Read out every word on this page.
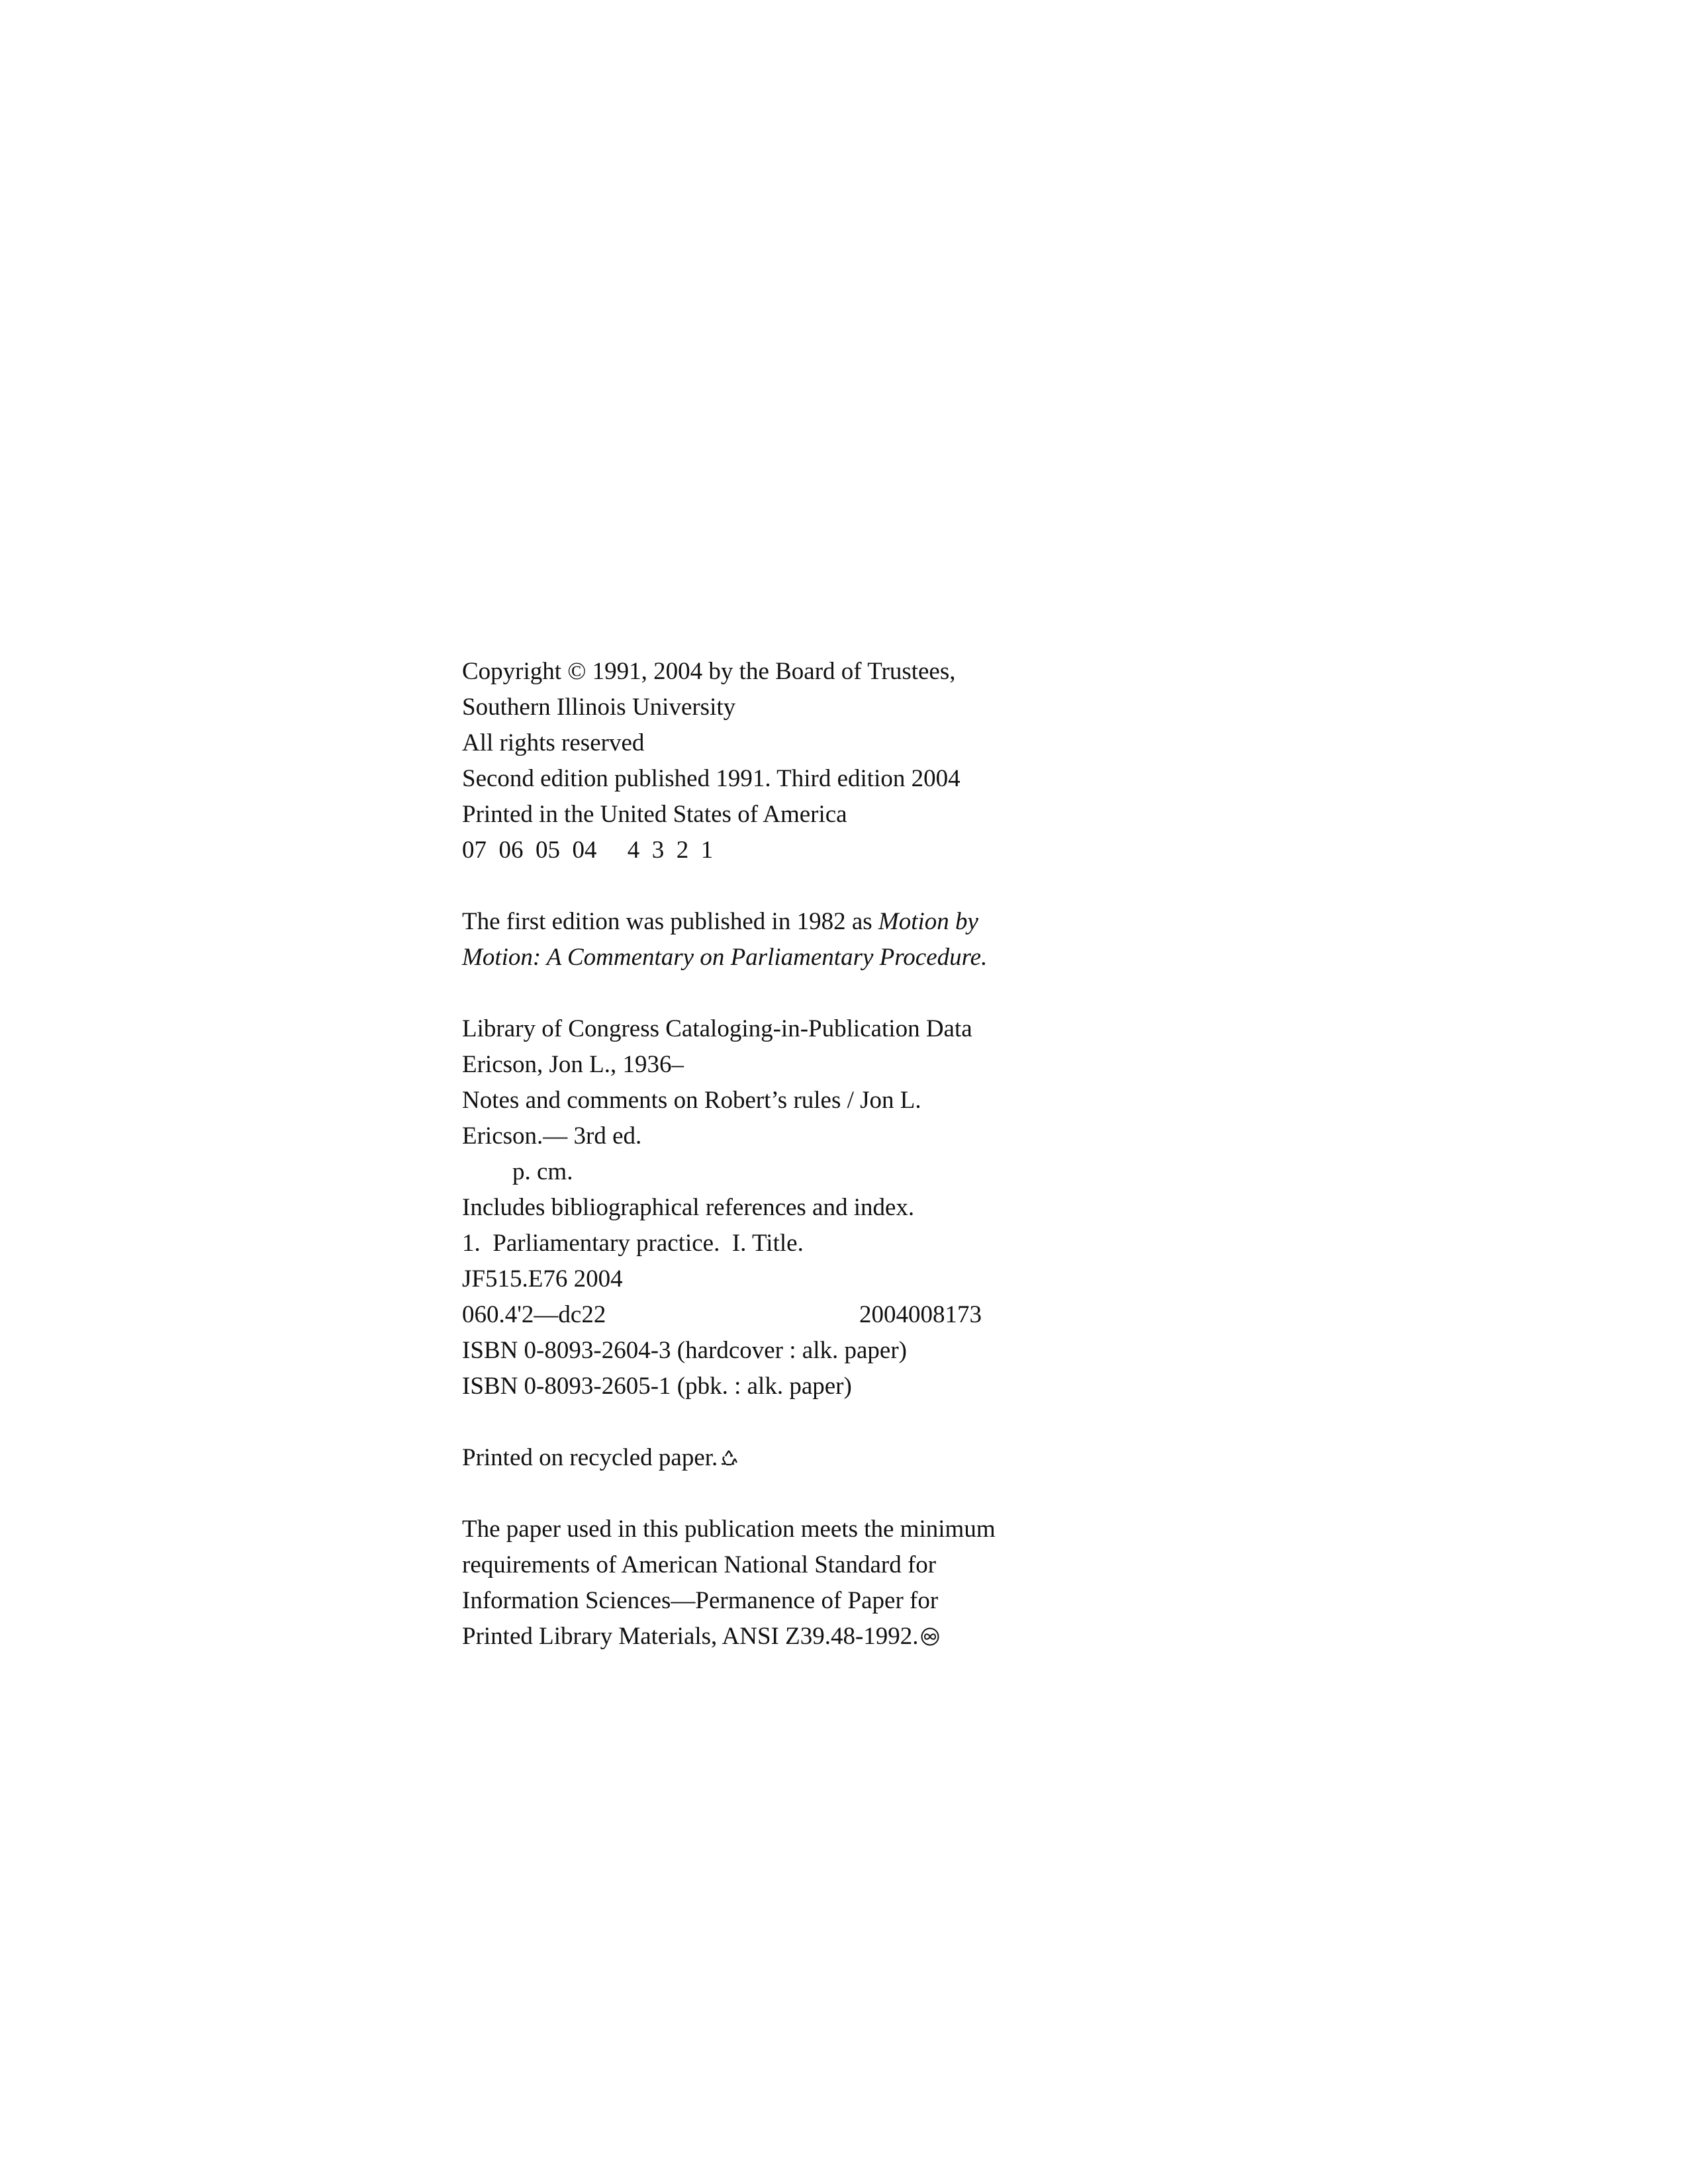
Copyright © 1991, 2004 by the Board of Trustees,
Southern Illinois University
All rights reserved
Second edition published 1991. Third edition 2004
Printed in the United States of America
07  06  05  04     4  3  2  1
The first edition was published in 1982 as Motion by
Motion: A Commentary on Parliamentary Procedure.
Library of Congress Cataloging-in-Publication Data
Ericson, Jon L., 1936–
Notes and comments on Robert’s rules / Jon L.
Ericson.— 3rd ed.
p. cm.
Includes bibliographical references and index.
1.  Parliamentary practice.  I. Title.
JF515.E76 2004
060.4'2—dc22	2004008173
ISBN 0-8093-2604-3 (hardcover : alk. paper)
ISBN 0-8093-2605-1 (pbk. : alk. paper)
Printed on recycled paper.
The paper used in this publication meets the minimum
requirements of American National Standard for
Information Sciences—Permanence of Paper for
Printed Library Materials, ANSI Z39.48-1992.
